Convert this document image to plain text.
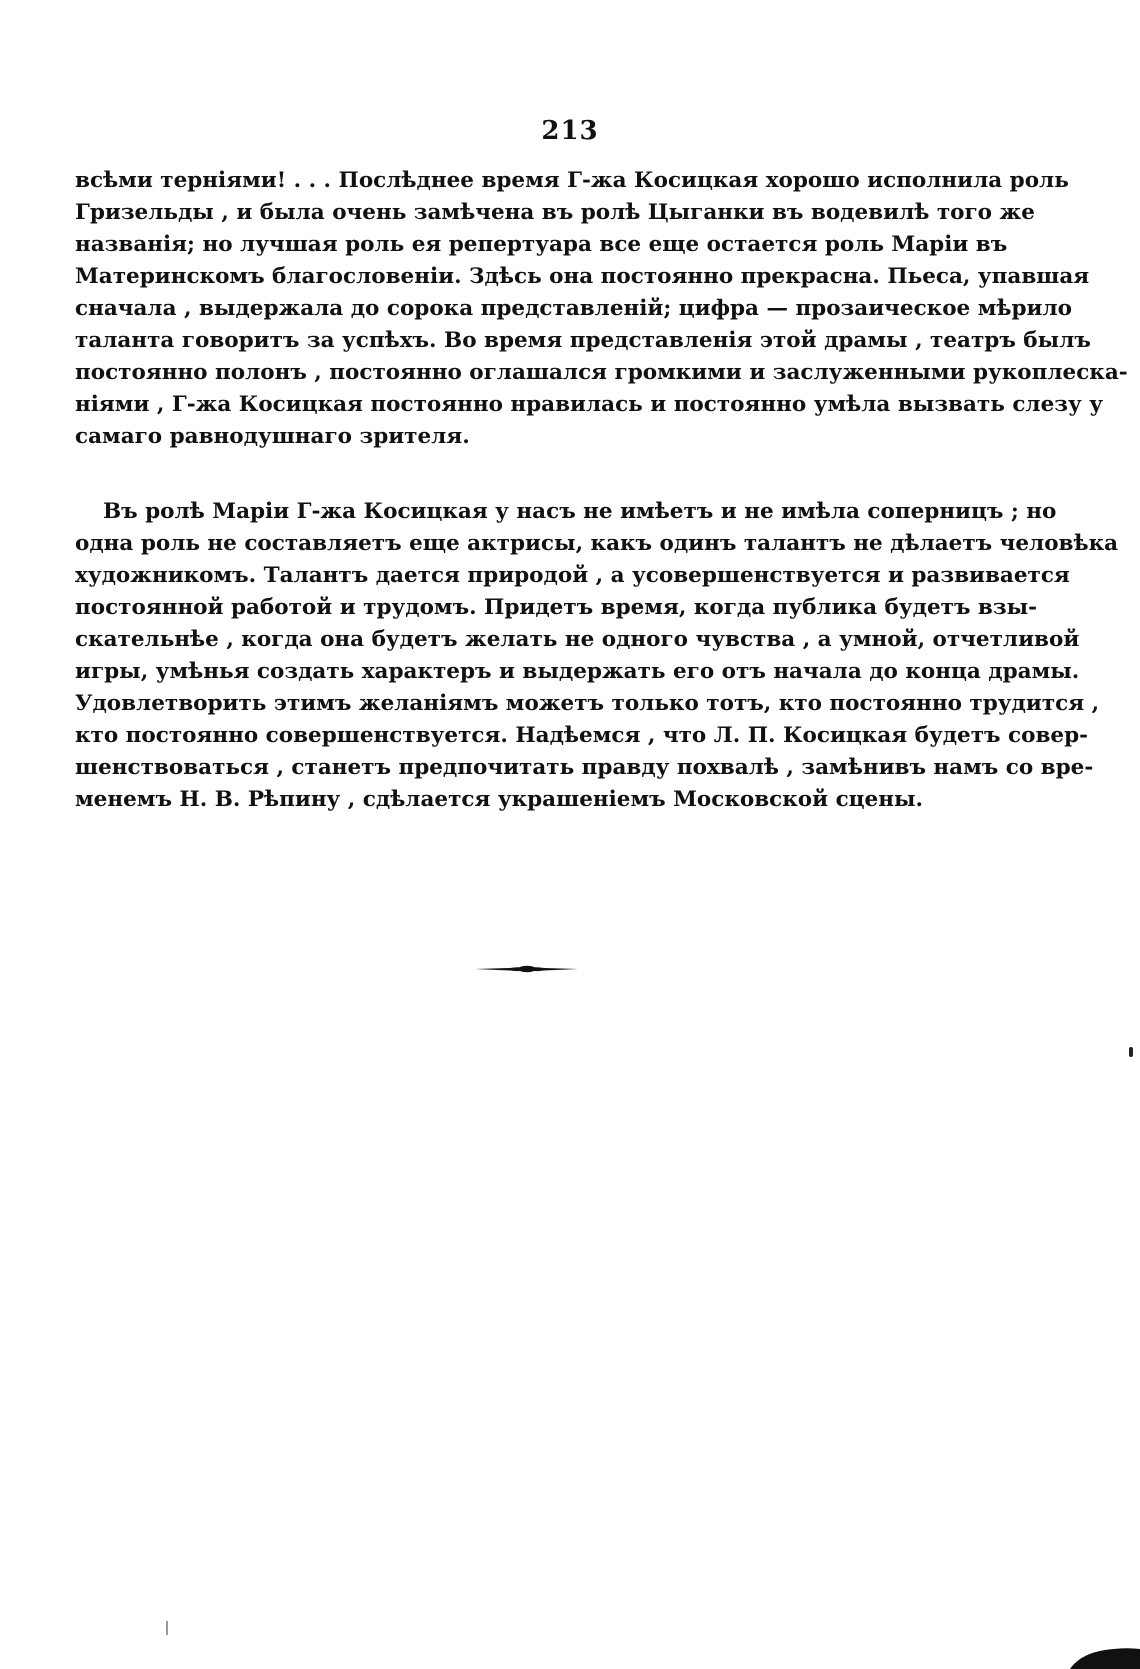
213
всѣми терніями! . . . Послѣднее время Г-жа Косицкая хорошо исполнила роль
Гризельды , и была очень замѣчена въ ролѣ Цыганки въ водевилѣ того же
названія; но лучшая роль ея репертуара все еще остается роль Маріи въ
Материнскомъ благословеніи. Здѣсь она постоянно прекрасна. Пьеса, упавшая
сначала , выдержала до сорока представленій; цифра — прозаическое мѣрило
таланта говоритъ за успѣхъ. Во время представленія этой драмы , театръ былъ
постоянно полонъ , постоянно оглашался громкими и заслуженными рукоплеска-
ніями , Г-жа Косицкая постоянно нравилась и постоянно умѣла вызвать слезу у
самаго равнодушнаго зрителя.
Въ ролѣ Маріи Г-жа Косицкая у насъ не имѣетъ и не имѣла соперницъ ; но
одна роль не составляетъ еще актрисы, какъ одинъ талантъ не дѣлаетъ человѣка
художникомъ. Талантъ дается природой , а усовершенствуется и развивается
постоянной работой и трудомъ. Придетъ время, когда публика будетъ взы-
скательнѣе , когда она будетъ желать не одного чувства , а умной, отчетливой
игры, умѣнья создать характеръ и выдержать его отъ начала до конца драмы.
Удовлетворить этимъ желаніямъ можетъ только тотъ, кто постоянно трудится ,
кто постоянно совершенствуется. Надѣемся , что Л. П. Косицкая будетъ совер-
шенствоваться , станетъ предпочитать правду похвалѣ , замѣнивъ намъ со вре-
менемъ Н. В. Рѣпину , сдѣлается украшеніемъ Московской сцены.
